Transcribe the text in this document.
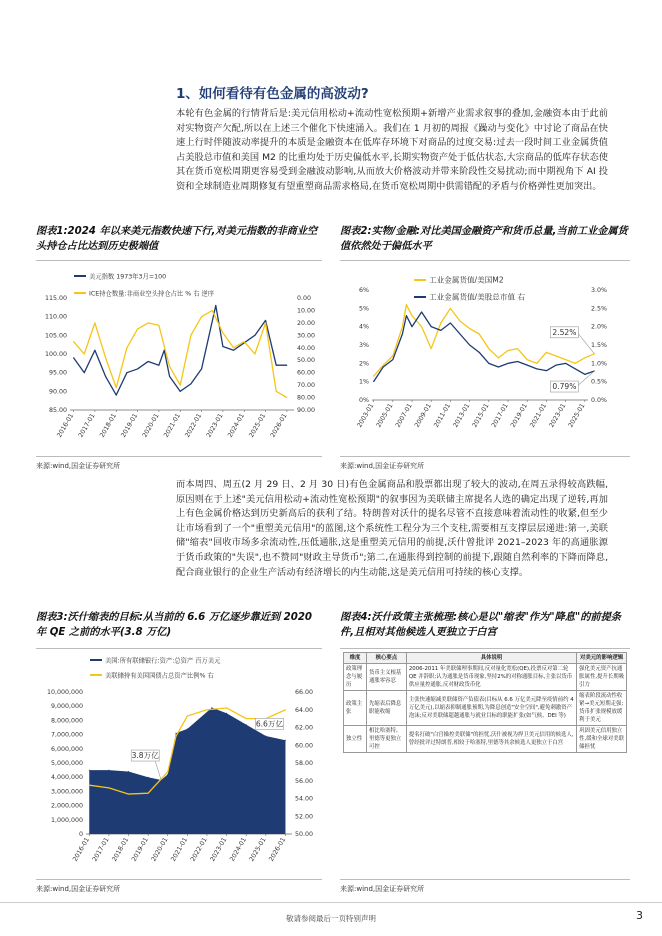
1、如何看待有色金属的高波动?
本轮有色金属的行情背后是:美元信用松动+流动性宽松预期+新增产业需求叙事的叠加,金融资本由于此前对实物资产欠配,所以在上述三个催化下快速涌入。我们在 1 月初的周报《躁动与变化》中讨论了商品在快速上行时伴随波动率提升的本质是金融资本在低库存环境下对商品的过度交易:过去一段时间工业金属货值占美股总市值和美国 M2 的比重均处于历史偏低水平,长期实物资产处于低估状态,大宗商品的低库存状态使其在货币宽松周期更容易受到金融波动影响,从而放大价格波动并带来阶段性交易扰动;而中期视角下 AI 投资和全球制造业周期修复有望重塑商品需求格局,在货币宽松周期中供需错配的矛盾与价格弹性更加突出。
图表1:2024 年以来美元指数快速下行,对美元指数的非商业空头持仓占比达到历史极端值
115.00
110.00
105.00
100.00
95.00
90.00
85.00
0.00
10.00
20.00
30.00
40.00
50.00
60.00
70.00
80.00
90.00
2016-01 2017-01 2018-01 2019-01 2020-01 2021-01 2022-01 2023-01 2024-01 2025-01 2026-01
美元指数 1973年3月=100
ICE持仓数量:非商业空头持仓占比 % 右 逆序
来源:wind,国金证券研究所
图表2:实物/金融:对比美国金融资产和货币总量,当前工业金属货值依然处于偏低水平
6%
5%
4%
3%
2%
1%
0%
3.0%
2.5%
2.0%
1.5%
1.0%
0.5%
0.0%
2003-01 2005-01 2007-01 2009-01 2011-01 2013-01 2015-01 2017-01 2019-01 2021-01 2023-01 2025-01
工业金属货值/美国M2
工业金属货值/美股总市值 右
2.52%
0.79%
来源:wind,国金证券研究所
而本周四、周五(2 月 29 日、2 月 30 日)有色金属商品和股票都出现了较大的波动,在周五录得较高跌幅,原因则在于上述"美元信用松动+流动性宽松预期"的叙事因为美联储主席提名人选的确定出现了逆转,再加上有色金属价格达到历史新高后的获利了结。特朗普对沃什的提名尽管不直接意味着流动性的收紧,但至少让市场看到了一个"重塑美元信用"的蓝图,这个系统性工程分为三个支柱,需要相互支撑层层递进:第一,美联储"缩表"回收市场多余流动性,压低通胀,这是重塑美元信用的前提,沃什曾批评 2021–2023 年的高通胀源于货币政策的"失误",也不赞同"财政主导货币";第二,在通胀得到控制的前提下,跟随自然利率的下降而降息,配合商业银行的企业生产活动有经济增长的内生动能,这是美元信用可持续的核心支撑。
图表3:沃什缩表的目标:从当前的 6.6 万亿逐步靠近到 2020 年 QE 之前的水平(3.8 万亿)
10,000,000
9,000,000
8,000,000
7,000,000
6,000,000
5,000,000
4,000,000
3,000,000
2,000,000
1,000,000
0
66.00
64.00
62.00
60.00
58.00
56.00
54.00
52.00
50.00
2016-01 2017-01 2018-01 2019-01 2020-01 2021-01 2022-01 2023-01 2024-01 2025-01 2026-01
美国:所有联储银行:资产:总资产 百万美元
美联储持有美国国债占总资产比例% 右
3.8万亿
6.6万亿
来源:wind,国金证券研究所
图表4:沃什政策主张梳理:核心是以"缩表"作为"降息"的前提条件,且相对其他候选人更独立于白宫
维度	核心要点	具体说明	对美元的影响逻辑
政策理念与履历	货币主义根基 通胀零容忍	2006-2011 年美联储理事期间,反对量化宽松(QE),投票反对第二轮 QE 并辞职;认为通胀是货币现象,坚持2%的对称通胀目标,主张以货币供应量控通胀,反对财政货币化	强化美元资产抗通胀属性,提升长期吸引力
政策主张	先缩表后降息 职能收缩	主张快速缩减美联储资产负债表(目标从 6.6 万亿美元降至疫情前约 4 万亿美元),以缩表抑制通胀预期,为降息创造"安全空间",避免刺激资产泡沫;反对美联储超越通胀与就业目标的职能扩张(如气候、DEI 等)	缩表阶段流动性收紧→美元短期走强;货币扩张规模放缓利于美元
独立性	相比哈塞特、里德等更独立可控	提名打破"白宫操控美联储"的担忧,沃什被视为捍卫美元信用的候选人,曾经批评过特朗普,相较于哈塞特,里德等其余候选人更独立于白宫	巩固美元信用独立性,缓和全球对美联储担忧
来源:wind,国金证券研究所
敬请参阅最后一页特别声明	3
